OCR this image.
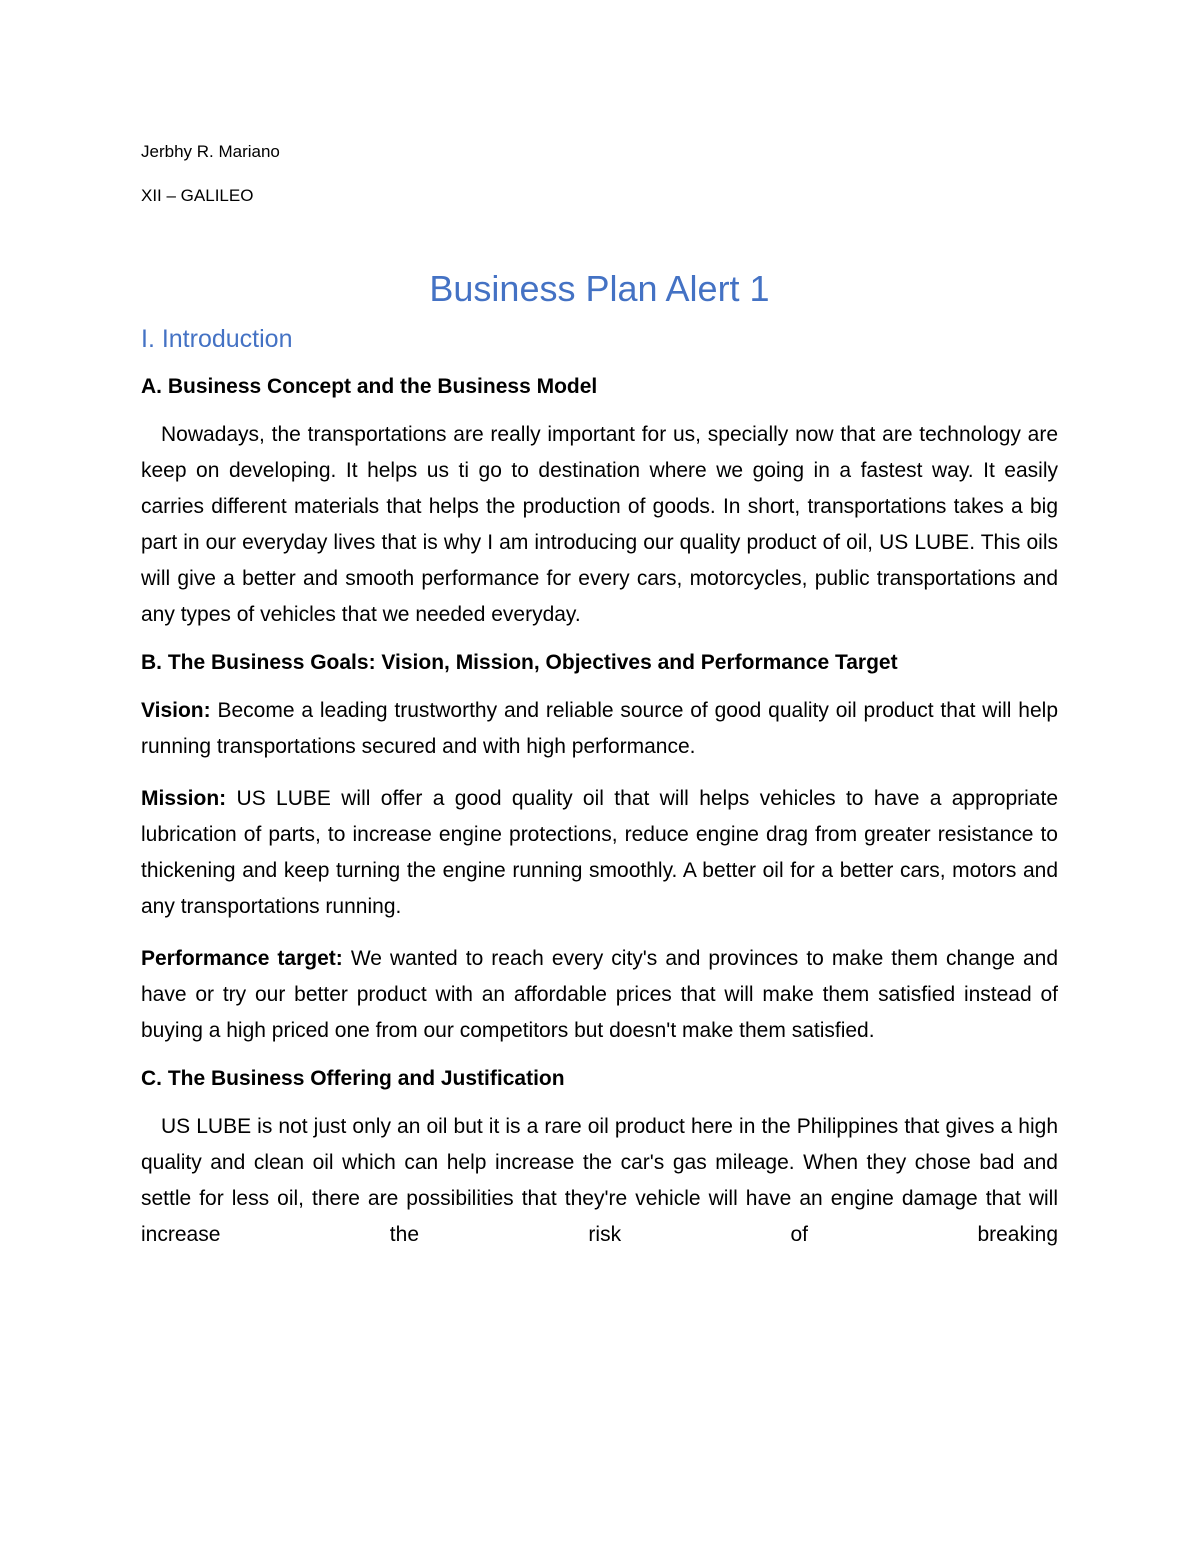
Jerbhy R. Mariano
XII – GALILEO
Business Plan Alert 1
I. Introduction
A. Business Concept and the Business Model

Nowadays, the transportations are really important for us, specially now that are technology are keep on developing. It helps us ti go to destination where we going in a fastest way. It easily carries different materials that helps the production of goods. In short, transportations takes a big part in our everyday lives that is why I am introducing our quality product of oil, US LUBE. This oils will give a better and smooth performance for every cars, motorcycles, public transportations and any types of vehicles that we needed everyday.

B. The Business Goals: Vision, Mission, Objectives and Performance Target

Vision: Become a leading trustworthy and reliable source of good quality oil product that will help running transportations secured and with high performance.

Mission: US LUBE will offer a good quality oil that will helps vehicles to have a appropriate lubrication of parts, to increase engine protections, reduce engine drag from greater resistance to thickening and keep turning the engine running smoothly. A better oil for a better cars, motors and any transportations running.

Performance target: We wanted to reach every city's and provinces to make them change and have or try our better product with an affordable prices that will make them satisfied instead of buying a high priced one from our competitors but doesn't make them satisfied.

C. The Business Offering and Justification

US LUBE is not just only an oil but it is a rare oil product here in the Philippines that gives a high quality and clean oil which can help increase the car's gas mileage. When they chose bad and settle for less oil, there are possibilities that they're vehicle will have an engine damage that will increase the risk of breaking
